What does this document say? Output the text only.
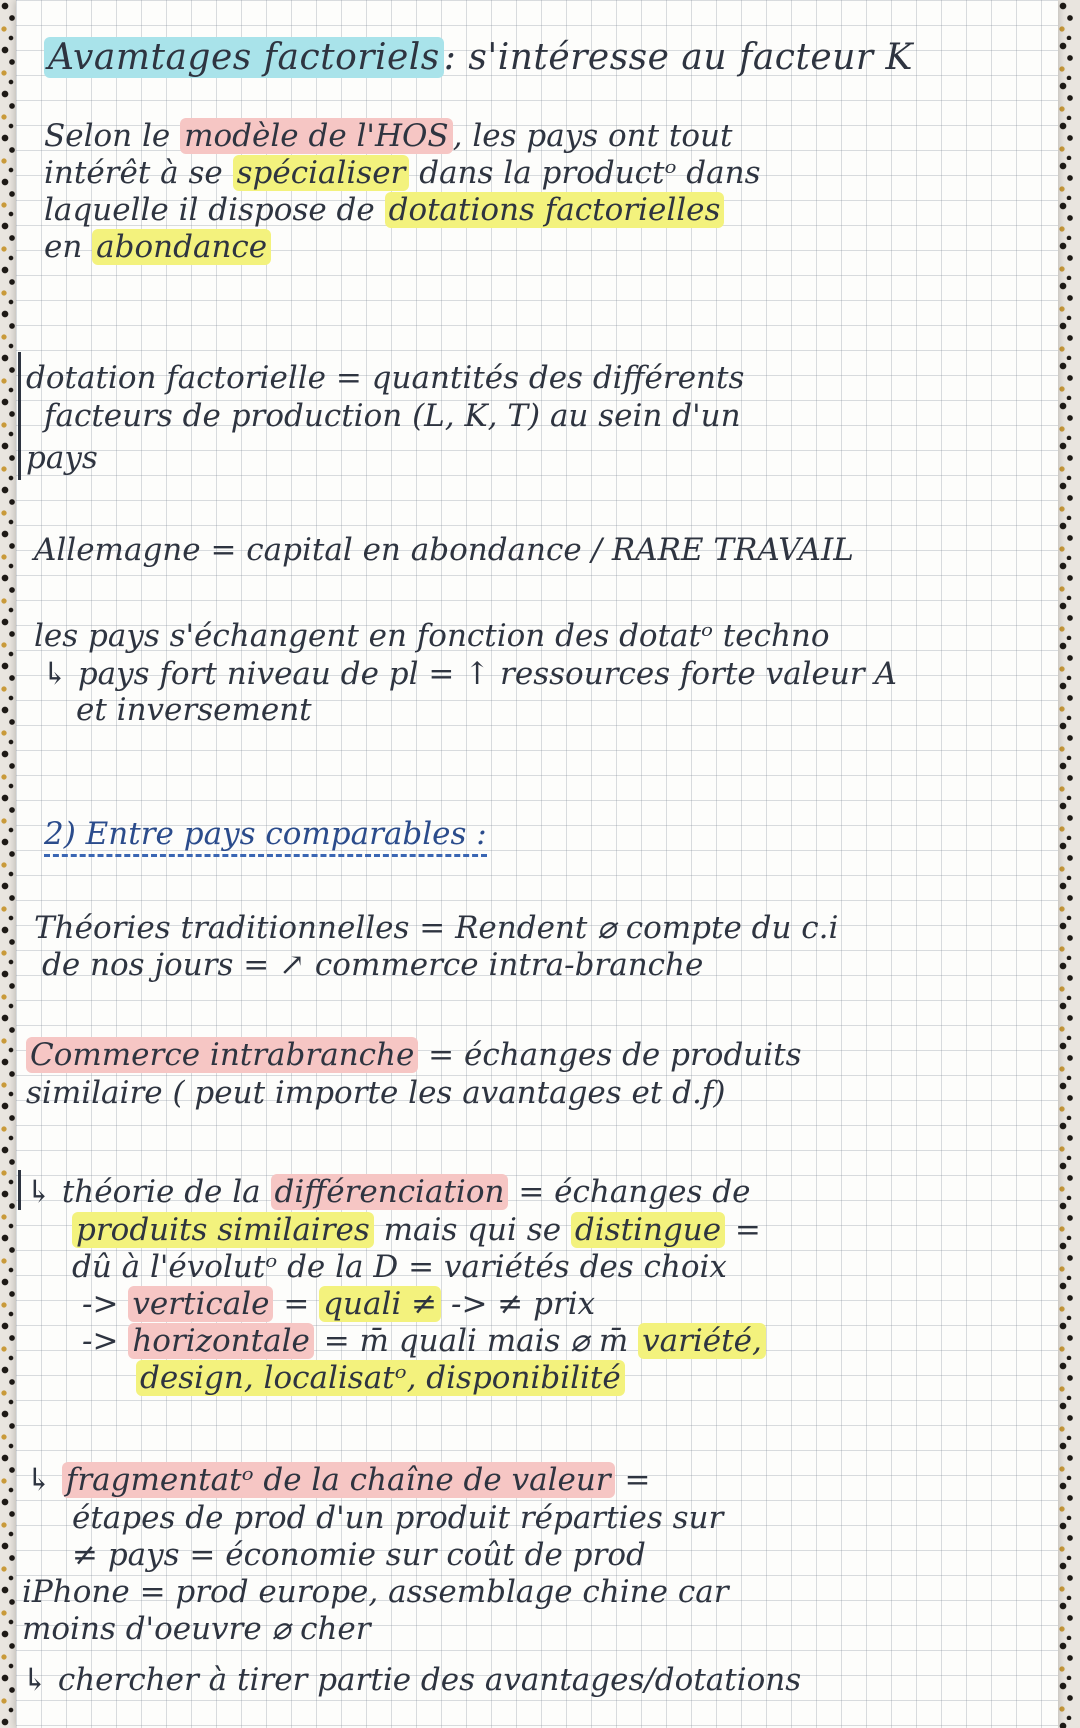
Avamtages factoriels : s'intéresse au facteur K
Selon le modèle de l'HOS , les pays ont tout
intérêt à se spécialiser dans la productᵒ dans
laquelle il dispose de dotations factorielles
en abondance
dotation factorielle = quantités des différents
facteurs de production (L, K, T) au sein d'un
pays
Allemagne = capital en abondance / RARE TRAVAIL
les pays s'échangent en fonction des dotatᵒ techno
↳ pays fort niveau de pl = ↑ ressources forte valeur A
et inversement
2) Entre pays comparables :
Théories traditionnelles = Rendent ⌀ compte du c.i
de nos jours = ↗ commerce intra-branche
Commerce intrabranche = échanges de produits
similaire ( peut importe les avantages et d.f)
↳ théorie de la différenciation = échanges de
produits similaires mais qui se distingue =
dû à l'évolutᵒ de la D = variétés des choix
-> verticale = quali ≠ -> ≠ prix
-> horizontale = m̄ quali mais ⌀ m̄ variété,
design, localisatᵒ, disponibilité
↳ fragmentatᵒ de la chaîne de valeur =
étapes de prod d'un produit réparties sur
≠ pays = économie sur coût de prod
iPhone = prod europe, assemblage chine car
moins d'oeuvre ⌀ cher
↳ chercher à tirer partie des avantages/dotations
